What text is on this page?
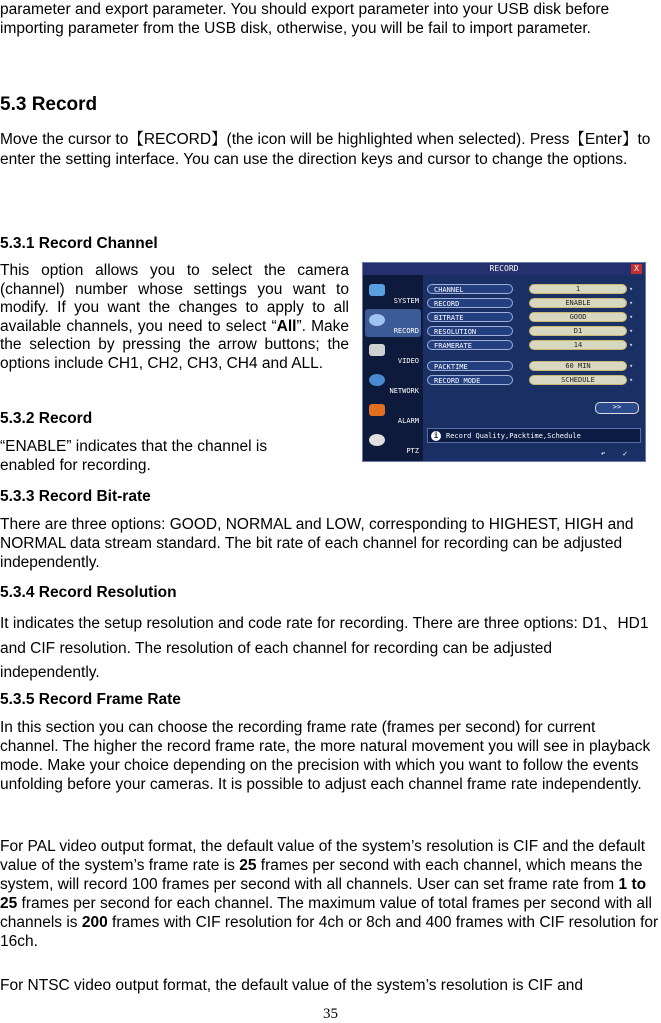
parameter and export parameter. You should export parameter into your USB disk before importing parameter from the USB disk, otherwise, you will be fail to import parameter.

5.3 Record

Move the cursor to【RECORD】(the icon will be highlighted when selected). Press【Enter】to enter the setting interface. You can use the direction keys and cursor to change the options.

5.3.1 Record Channel

This option allows you to select the camera (channel) number whose settings you want to modify. If you want the changes to apply to all available channels, you need to select “All”. Make the selection by pressing the arrow buttons; the options include CH1, CH2, CH3, CH4 and ALL.

5.3.2 Record

“ENABLE” indicates that the channel is enabled for recording.

RECORD	X
SYSTEM
RECORD
VIDEO
NETWORK
ALARM
PTZ
CHANNEL	1	▾
RECORD	ENABLE	▾
BITRATE	GOOD	▾
RESOLUTION	D1	▾
FRAMERATE	14	▾
PACKTIME	60 MIN	▾
RECORD MODE	SCHEDULE	▾
>>
i	Record Quality,Packtime,Schedule
↶	✓

5.3.3 Record Bit-rate

There are three options: GOOD, NORMAL and LOW, corresponding to HIGHEST, HIGH and NORMAL data stream standard. The bit rate of each channel for recording can be adjusted independently.

5.3.4 Record Resolution

It indicates the setup resolution and code rate for recording. There are three options: D1、HD1 and CIF resolution. The resolution of each channel for recording can be adjusted independently.

5.3.5 Record Frame Rate

In this section you can choose the recording frame rate (frames per second) for current channel. The higher the record frame rate, the more natural movement you will see in playback mode. Make your choice depending on the precision with which you want to follow the events unfolding before your cameras. It is possible to adjust each channel frame rate independently.

For PAL video output format, the default value of the system’s resolution is CIF and the default value of the system’s frame rate is 25 frames per second with each channel, which means the system, will record 100 frames per second with all channels. User can set frame rate from 1 to 25 frames per second for each channel. The maximum value of total frames per second with all channels is 200 frames with CIF resolution for 4ch or 8ch and 400 frames with CIF resolution for 16ch.

For NTSC video output format, the default value of the system’s resolution is CIF and

35
